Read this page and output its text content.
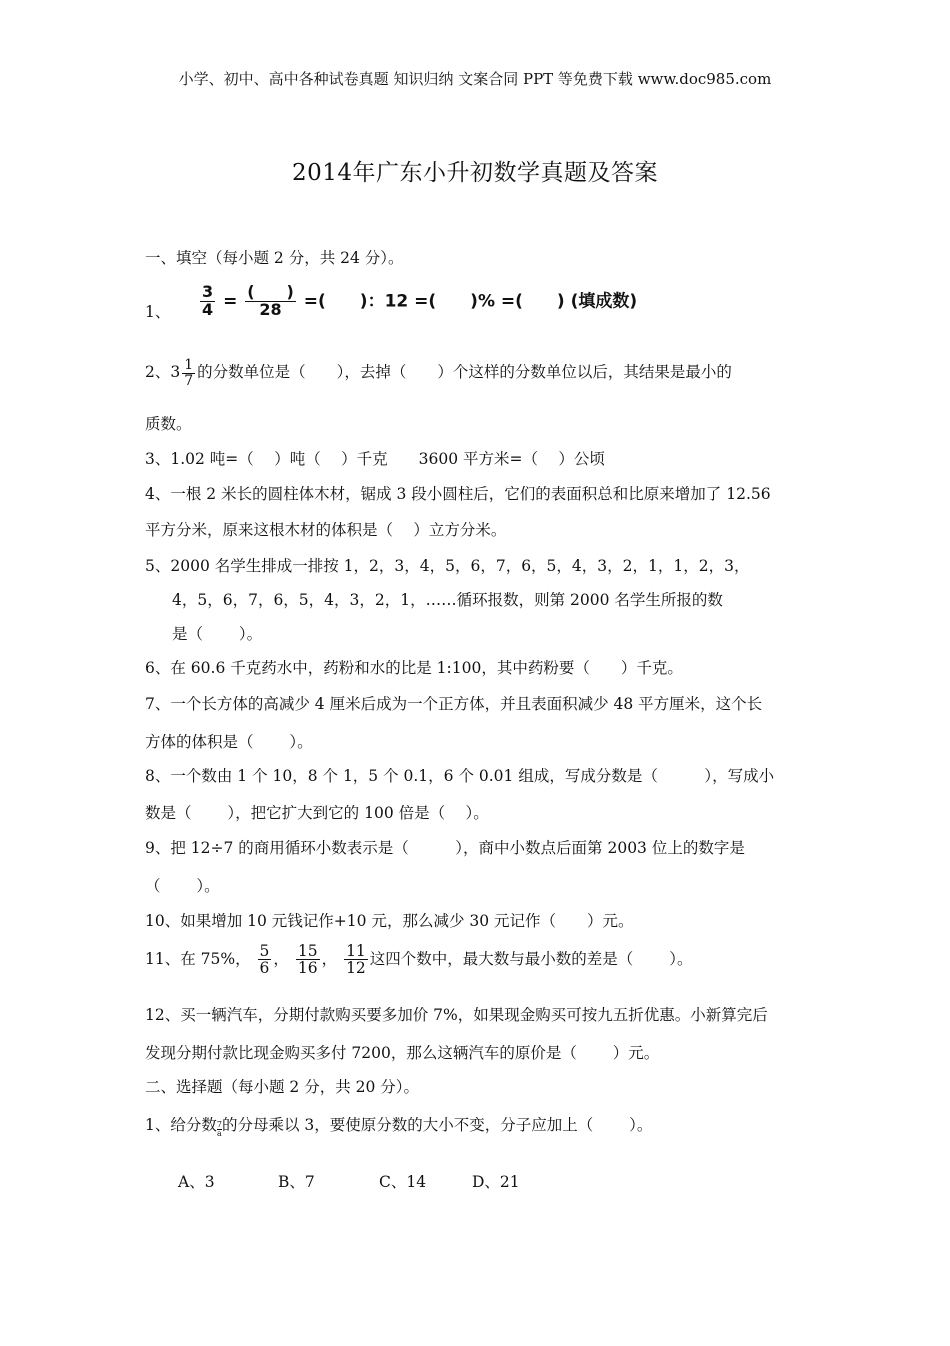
小学、初中、高中各种试卷真题 知识归纳 文案合同 PPT 等免费下载 www.doc985.com
2014年广东小升初数学真题及答案
一、填空（每小题 2 分，共 24 分）。
1、 $\frac{3}{4} = \frac{( )}{28}$ =(　　)：12 =(　　)% =(　　) (填成数)
2、$3 \frac{1}{7}$ 的分数单位是（　　），去掉（　　）个这样的分数单位以后，其结果是最小的
质数。
3、1.02 吨=（　 ）吨（　 ）千克　　3600 平方米=（　 ）公顷
4、一根 2 米长的圆柱体木材，锯成 3 段小圆柱后，它们的表面积总和比原来增加了 12.56
平方分米，原来这根木材的体积是（　 ）立方分米。
5、2000 名学生排成一排按 1，2，3，4，5，6，7，6，5，4，3，2，1，1，2，3，
4，5，6，7，6，5，4，3，2，1，……循环报数，则第 2000 名学生所报的数
是（　　 ）。
6、在 60.6 千克药水中，药粉和水的比是 1:100，其中药粉要（　　）千克。
7、一个长方体的高减少 4 厘米后成为一个正方体，并且表面积减少 48 平方厘米，这个长
方体的体积是（　　 ）。
8、一个数由 1 个 10，8 个 1，5 个 0.1，6 个 0.01 组成，写成分数是（　　　），写成小
数是（　　 ），把它扩大到它的 100 倍是（　 ）。
9、把 12÷7 的商用循环小数表示是（　　　），商中小数点后面第 2003 位上的数字是
（　　 ）。
10、如果增加 10 元钱记作+10 元，那么减少 30 元记作（　　）元。
11、在 75%， $\frac{5}{6}$ ， $\frac{15}{16}$ ， $\frac{11}{12}$ 这四个数中，最大数与最小数的差是（　　 ）。
12、买一辆汽车，分期付款购买要多加价 7%，如果现金购买可按九五折优惠。小新算完后
发现分期付款比现金购买多付 7200，那么这辆汽车的原价是（　　 ）元。
二、选择题（每小题 2 分，共 20 分）。
1、给分数 $\frac{7}{a}$的分母乘以 3，要使原分数的大小不变，分子应加上（　　 ）。
A、3	B、7	C、14	D、21
